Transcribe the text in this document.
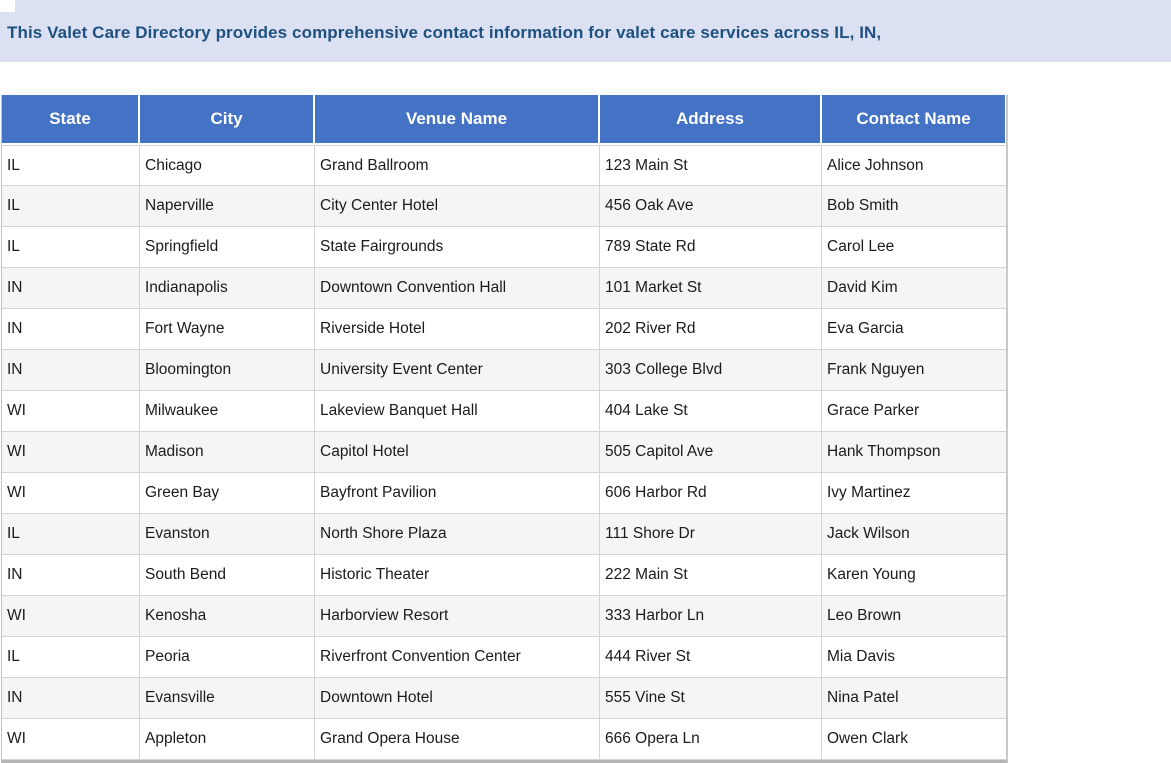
This Valet Care Directory provides comprehensive contact information for valet care services across IL, IN,
State	City	Venue Name	Address	Contact Name
IL	Chicago	Grand Ballroom	123 Main St	Alice Johnson
IL	Naperville	City Center Hotel	456 Oak Ave	Bob Smith
IL	Springfield	State Fairgrounds	789 State Rd	Carol Lee
IN	Indianapolis	Downtown Convention Hall	101 Market St	David Kim
IN	Fort Wayne	Riverside Hotel	202 River Rd	Eva Garcia
IN	Bloomington	University Event Center	303 College Blvd	Frank Nguyen
WI	Milwaukee	Lakeview Banquet Hall	404 Lake St	Grace Parker
WI	Madison	Capitol Hotel	505 Capitol Ave	Hank Thompson
WI	Green Bay	Bayfront Pavilion	606 Harbor Rd	Ivy Martinez
IL	Evanston	North Shore Plaza	111 Shore Dr	Jack Wilson
IN	South Bend	Historic Theater	222 Main St	Karen Young
WI	Kenosha	Harborview Resort	333 Harbor Ln	Leo Brown
IL	Peoria	Riverfront Convention Center	444 River St	Mia Davis
IN	Evansville	Downtown Hotel	555 Vine St	Nina Patel
WI	Appleton	Grand Opera House	666 Opera Ln	Owen Clark
